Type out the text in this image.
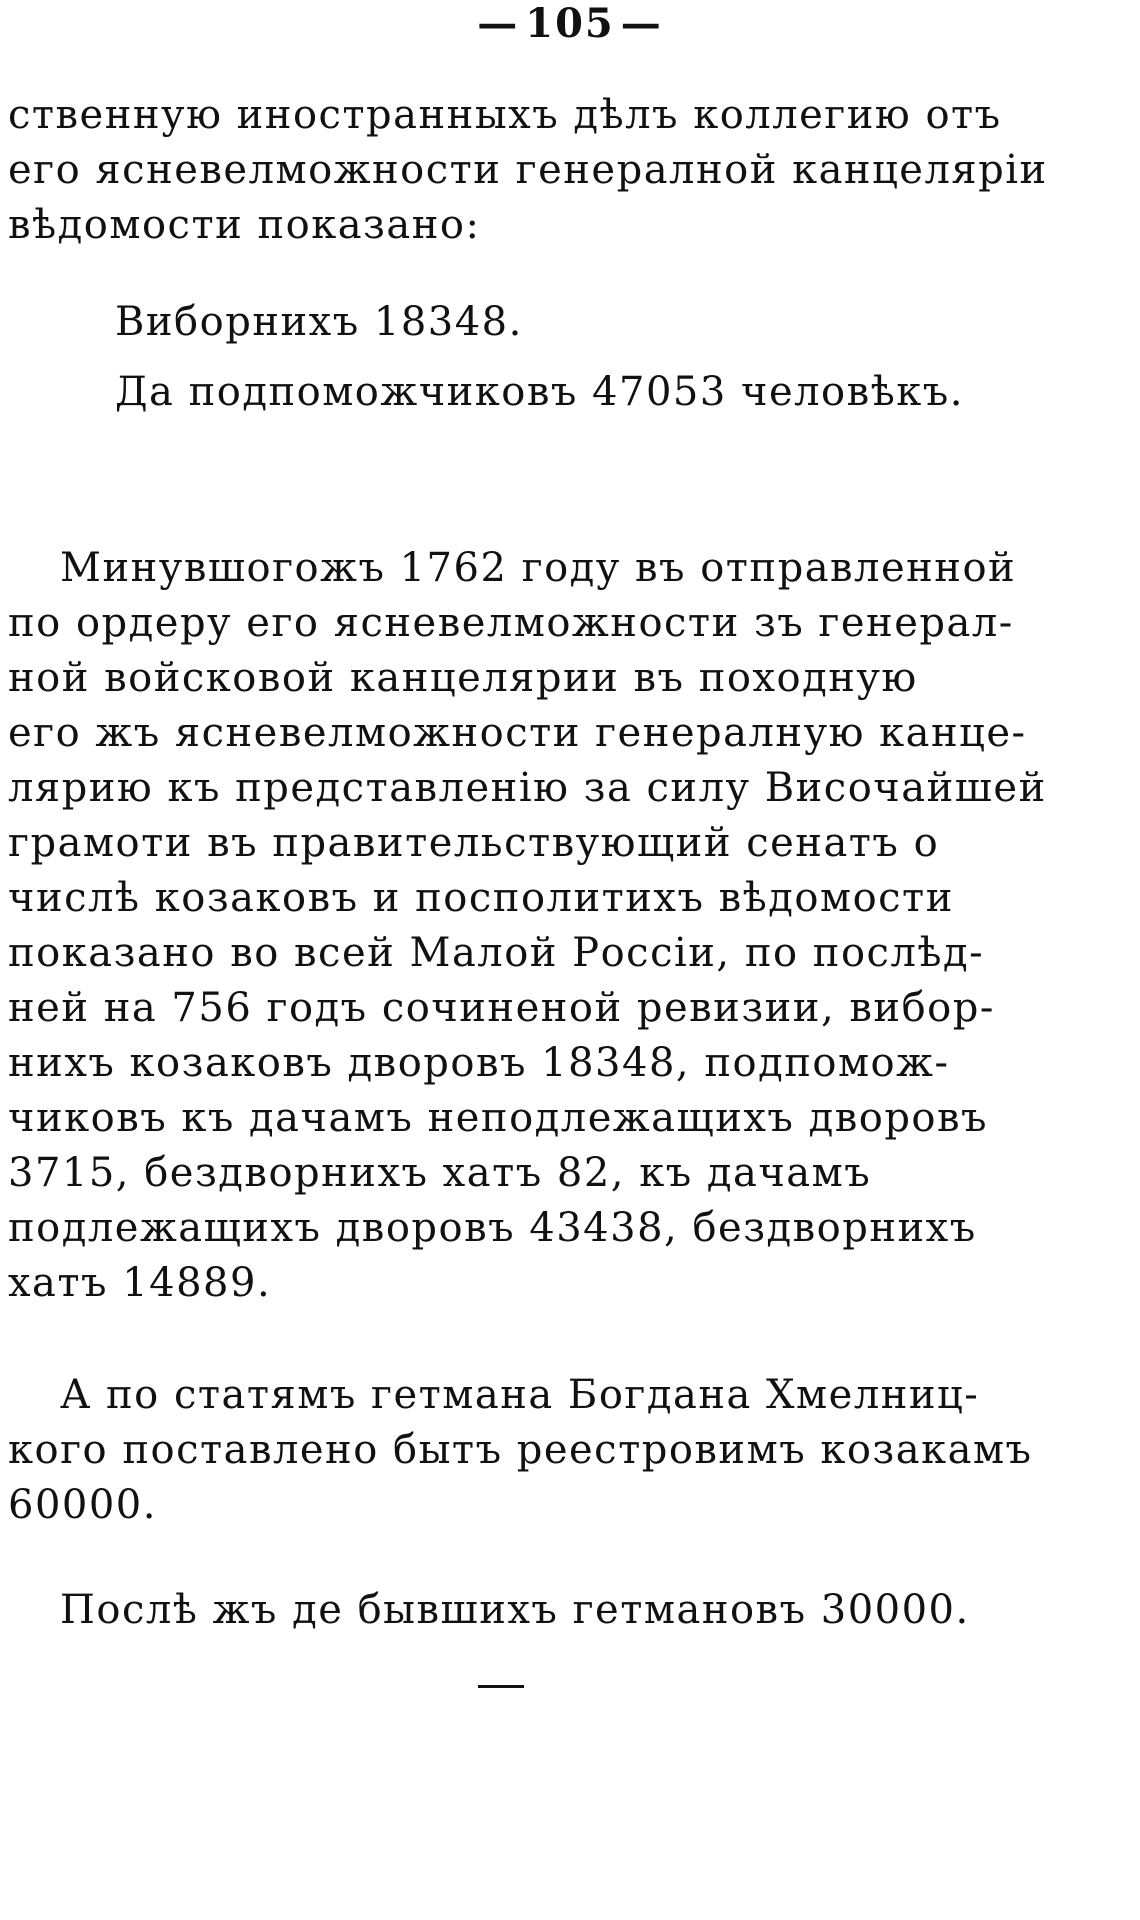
— 105 —
ственную иностранныхъ дѣлъ коллегию отъ
его ясневелможности генералной канцеляріи
вѣдомости показано:
Виборнихъ 18348.
Да подпоможчиковъ 47053 человѣкъ.
Минувшогожъ 1762 году въ отправленной
по ордеру его ясневелможности зъ генерал-
ной войсковой канцелярии въ походную
его жъ ясневелможности генералную канце-
лярию къ представленію за силу Височайшей
грамоти въ правительствующий сенатъ о
числѣ козаковъ и посполитихъ вѣдомости
показано во всей Малой Россіи, по послѣд-
ней на 756 годъ сочиненой ревизии, вибор-
нихъ козаковъ дворовъ 18348, подпомож-
чиковъ къ дачамъ неподлежащихъ дворовъ
3715, бездворнихъ хатъ 82, къ дачамъ
подлежащихъ дворовъ 43438, бездворнихъ
хатъ 14889.
А по статямъ гетмана Богдана Хмелниц-
кого поставлено бытъ реестровимъ козакамъ
60000.
Послѣ жъ де бывшихъ гетмановъ 30000.
